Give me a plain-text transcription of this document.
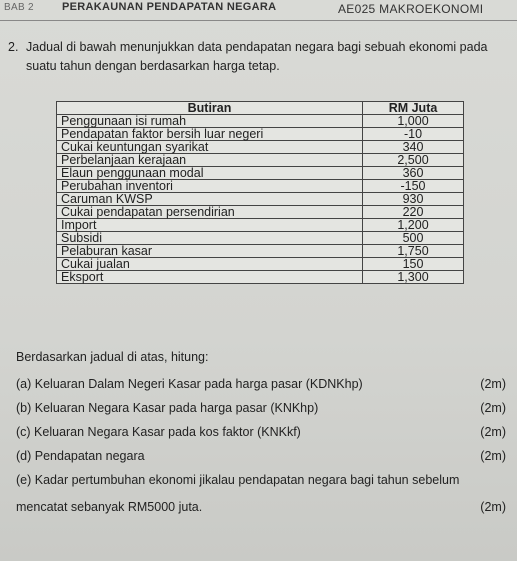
BAB 2	PERAKAUNAN PENDAPATAN NEGARA	AE025 MAKROEKONOMI
2. Jadual di bawah menunjukkan data pendapatan negara bagi sebuah ekonomi pada
suatu tahun dengan berdasarkan harga tetap.
Butiran	RM Juta
Penggunaan isi rumah	1,000
Pendapatan faktor bersih luar negeri	-10
Cukai keuntungan syarikat	340
Perbelanjaan kerajaan	2,500
Elaun penggunaan modal	360
Perubahan inventori	-150
Caruman KWSP	930
Cukai pendapatan persendirian	220
Import	1,200
Subsidi	500
Pelaburan kasar	1,750
Cukai jualan	150
Eksport	1,300
Berdasarkan jadual di atas, hitung:
(a) Keluaran Dalam Negeri Kasar pada harga pasar (KDNKhp)	(2m)
(b) Keluaran Negara Kasar pada harga pasar (KNKhp)	(2m)
(c) Keluaran Negara Kasar pada kos faktor (KNKkf)	(2m)
(d) Pendapatan negara	(2m)
(e) Kadar pertumbuhan ekonomi jikalau pendapatan negara bagi tahun sebelum
mencatat sebanyak RM5000 juta.	(2m)
